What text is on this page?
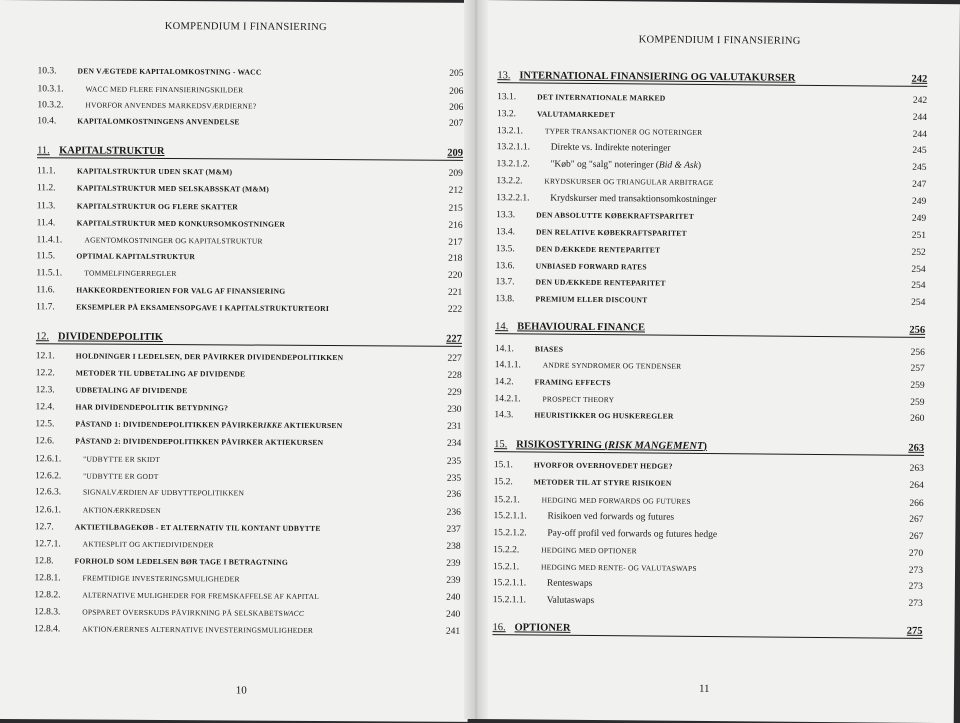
KOMPENDIUM I FINANSIERING
10.3.	DEN VÆGTEDE KAPITALOMKOSTNING - WACC	205
10.3.1.	WACC MED FLERE FINANSIERINGSKILDER	206
10.3.2.	HVORFOR ANVENDES MARKEDSVÆRDIERNE?	206
10.4.	KAPITALOMKOSTNINGENS ANVENDELSE	207
11. KAPITALSTRUKTUR	209
11.1.	KAPITALSTRUKTUR UDEN SKAT (M&M)	209
11.2.	KAPITALSTRUKTUR MED SELSKABSSKAT (M&M)	212
11.3.	KAPITALSTRUKTUR OG FLERE SKATTER	215
11.4.	KAPITALSTRUKTUR MED KONKURSOMKOSTNINGER	216
11.4.1.	AGENTOMKOSTNINGER OG KAPITALSTRUKTUR	217
11.5.	OPTIMAL KAPITALSTRUKTUR	218
11.5.1.	TOMMELFINGERREGLER	220
11.6.	HAKKEORDENTEORIEN FOR VALG AF FINANSIERING	221
11.7.	EKSEMPLER PÅ EKSAMENSOPGAVE I KAPITALSTRUKTURTEORI	222
12. DIVIDENDEPOLITIK	227
12.1.	HOLDNINGER I LEDELSEN, DER PÅVIRKER DIVIDENDEPOLITIKKEN	227
12.2.	METODER TIL UDBETALING AF DIVIDENDE	228
12.3.	UDBETALING AF DIVIDENDE	229
12.4.	HAR DIVIDENDEPOLITIK BETYDNING?	230
12.5.	PÅSTAND 1: DIVIDENDEPOLITIKKEN PÅVIRKERIKKE AKTIEKURSEN	231
12.6.	PÅSTAND 2: DIVIDENDEPOLITIKKEN PÅVIRKER AKTIEKURSEN	234
12.6.1.	"UDBYTTE ER SKIDT	235
12.6.2.	"UDBYTTE ER GODT	235
12.6.3.	SIGNALVÆRDIEN AF UDBYTTEPOLITIKKEN	236
12.6.1.	AKTIONÆRKREDSEN	236
12.7.	AKTIETILBAGEKØB - ET ALTERNATIV TIL KONTANT UDBYTTE	237
12.7.1.	AKTIESPLIT OG AKTIEDIVIDENDER	238
12.8.	FORHOLD SOM LEDELSEN BØR TAGE I BETRAGTNING	239
12.8.1.	FREMTIDIGE INVESTERINGSMULIGHEDER	239
12.8.2.	ALTERNATIVE MULIGHEDER FOR FREMSKAFFELSE AF KAPITAL	240
12.8.3.	OPSPARET OVERSKUDS PÅVIRKNING PÅ SELSKABETSWACC	240
12.8.4.	AKTIONÆRERNES ALTERNATIVE INVESTERINGSMULIGHEDER	241
10
KOMPENDIUM I FINANSIERING
13. INTERNATIONAL FINANSIERING OG VALUTAKURSER	242
13.1.	DET INTERNATIONALE MARKED	242
13.2.	VALUTAMARKEDET	244
13.2.1.	TYPER TRANSAKTIONER OG NOTERINGER	244
13.2.1.1.	Direkte vs. Indirekte noteringer	245
13.2.1.2.	"Køb" og "salg" noteringer (Bid & Ask)	245
13.2.2.	KRYDSKURSER OG TRIANGULAR ARBITRAGE	247
13.2.2.1.	Krydskurser med transaktionsomkostninger	249
13.3.	DEN ABSOLUTTE KØBEKRAFTSPARITET	249
13.4.	DEN RELATIVE KØBEKRAFTSPARITET	251
13.5.	DEN DÆKKEDE RENTEPARITET	252
13.6.	UNBIASED FORWARD RATES	254
13.7.	DEN UDÆKKEDE RENTEPARITET	254
13.8.	PREMIUM ELLER DISCOUNT	254
14. BEHAVIOURAL FINANCE	256
14.1.	BIASES	256
14.1.1.	ANDRE SYNDROMER OG TENDENSER	257
14.2.	FRAMING EFFECTS	259
14.2.1.	PROSPECT THEORY	259
14.3.	HEURISTIKKER OG HUSKEREGLER	260
15. RISIKOSTYRING (RISK MANGEMENT)	263
15.1.	HVORFOR OVERHOVEDET HEDGE?	263
15.2.	METODER TIL AT STYRE RISIKOEN	264
15.2.1.	HEDGING MED FORWARDS OG FUTURES	266
15.2.1.1.	Risikoen ved forwards og futures	267
15.2.1.2.	Pay-off profil ved forwards og futures hedge	267
15.2.2.	HEDGING MED OPTIONER	270
15.2.1.	HEDGING MED RENTE- OG VALUTASWAPS	273
15.2.1.1.	Renteswaps	273
15.2.1.1.	Valutaswaps	273
16. OPTIONER	275
11
